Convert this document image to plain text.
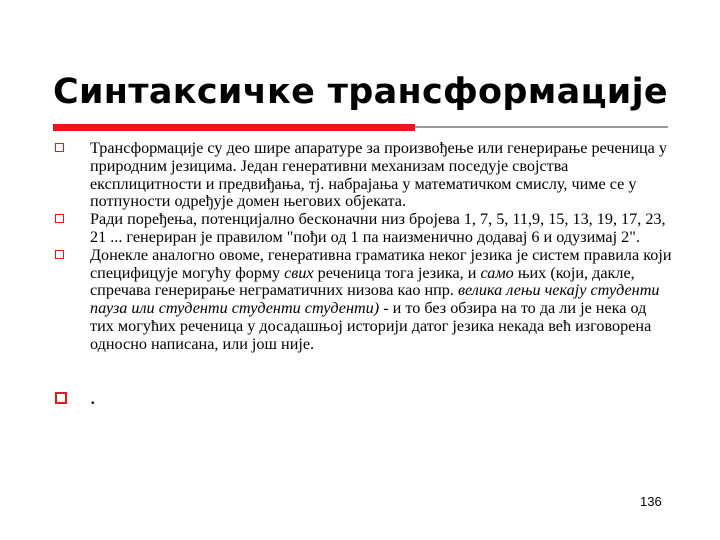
Синтаксичке трансформације
Трансформације су део шире апаратуре за произвођење или генерирање реченица у природним језицима. Један генеративни механизам поседује својства експлицитности и предвиђања, тј. набрајања у математичком смислу, чиме се у потпуности одређује домен његових објеката.
Ради поређења, потенцијално бесконачни низ бројева 1, 7, 5, 11,9, 15, 13, 19, 17, 23, 21 ... генериран је правилом "пођи од 1 па наизменично додавај 6 и одузимај 2".
Донекле аналогно овоме, генеративна граматика неког језика је систем правила који специфицује могућу форму свих реченица тога језика, и само њих (који, дакле, спречава генерирање неграматичних низова као нпр. велика лењи чекају студенти пауза или студенти студенти студенти) - и то без обзира на то да ли је нека од тих могућих реченица у досадашњој историји датог језика некада већ изговорена односно написана, или још није.
.
136
